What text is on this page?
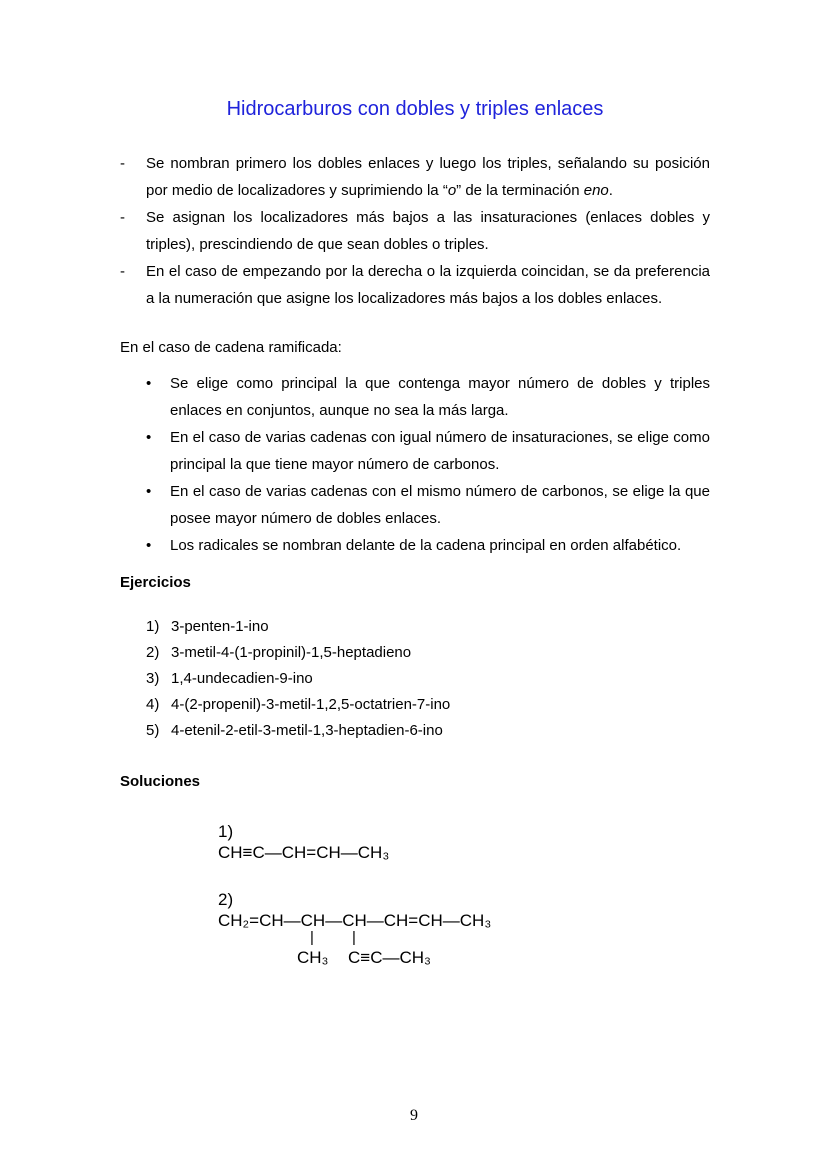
Hidrocarburos con dobles y triples enlaces
-	Se nombran primero los dobles enlaces y luego los triples, señalando su posición por medio de localizadores y suprimiendo la “o” de la terminación eno.
-	Se asignan los localizadores más bajos a las insaturaciones (enlaces dobles y triples), prescindiendo de que sean dobles o triples.
-	En el caso de empezando por la derecha o la izquierda coincidan, se da preferencia a la numeración que asigne los localizadores más bajos a los dobles enlaces.
En el caso de cadena ramificada:
•	Se elige como principal la que contenga mayor número de dobles y triples enlaces en conjuntos, aunque no sea la más larga.
•	En el caso de varias cadenas con igual número de insaturaciones, se elige como principal la que tiene mayor número de carbonos.
•	En el caso de varias cadenas con el mismo número de carbonos, se elige la que posee mayor número de dobles enlaces.
•	Los radicales se nombran delante de la cadena principal en orden alfabético.
Ejercicios
1) 3-penten-1-ino
2) 3-metil-4-(1-propinil)-1,5-heptadieno
3) 1,4-undecadien-9-ino
4) 4-(2-propenil)-3-metil-1,2,5-octatrien-7-ino
5) 4-etenil-2-etil-3-metil-1,3-heptadien-6-ino
Soluciones
1)
CH≡C—CH=CH—CH₃
2)
CH₂=CH—CH—CH—CH=CH—CH₃
|	|
CH₃ C≡C—CH₃
9
